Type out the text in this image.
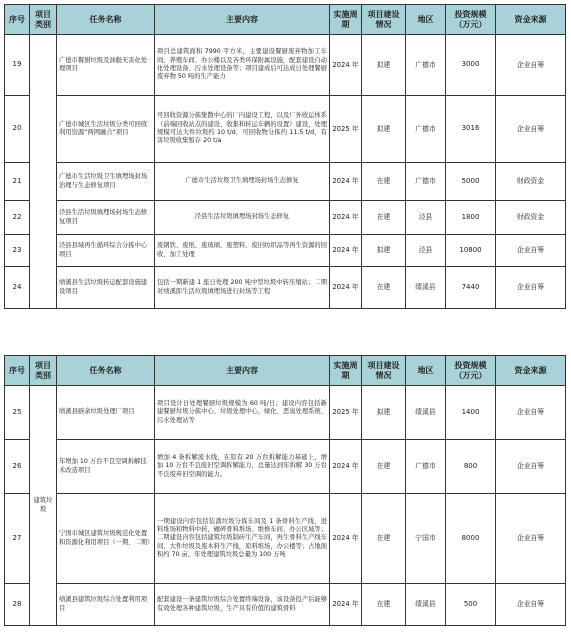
序号	项目类别	任务名称	主要内容	实施周期	项目建设情况	地区	投资规模（万元）	资金来源
19		广德市餐厨垃圾及油脂无害化处理项目	项目总建筑面积 7990 平方米，主要建设餐厨废弃物加工车间、养殖车间、办公楼以及各类环保附属设施，配套建设自动化处理设备、污水处理设备等；项目建成后可达成日处理餐厨废弃物 50 吨的生产能力	2024 年	拟建	广德市	3000	企业自筹
20		广德市城区生活垃圾分类可回收利用资源“两网融合”项目	可回收资源分拣集散中心的厂内建设工程，以及厂外收运体系（前端回收站点的建设、收集和转运车辆的设置）建设，处理规模可达大件垃圾约 10 t/d，可回收物分拣约 11.5 t/d，有害垃圾收集暂存 20 t/a	2025 年	拟建	广德市	3016	企业自筹
21		广德市生活垃圾卫生填埋场封场治理与生态修复项目	广德市生活垃圾卫生填埋场封场生态修复	2024 年	在建	广德市	5000	财政资金
22		泾县生活垃圾填埋场封场生态修复项目	泾县生活垃圾填埋场封场生态修复	2024 年	在建	泾县	1800	财政资金
23		泾县县域再生循环综合分拣中心项目	废钢铁、废纸、废玻璃、废塑料、废旧纺织品等再生资源的回收、加工处理	2024 年	拟建	泾县	10800	企业自筹
24		绩溪县生活垃圾转运配套设施建设项目	包括一期新建 1 座日处理 200 吨中型垃圾中转压缩站；二期对绩溪郎生活垃圾填埋场进行封场等工程	2024 年	在建	绩溪县	7440	企业自筹
序号	项目类别	任务名称	主要内容	实施周期	项目建设情况	地区	投资规模（万元）	资金来源
25	建筑垃圾	绩溪县厨余垃圾处理厂项目	项目设计日处理餐厨垃圾规模为 60 吨/日；建设内容包括新建餐厨垃圾分拣中心、垃圾处理中心、绿化、恶臭处理系统、污水处理站等	2025 年	拟建	绩溪县	1400	企业自筹
26		年增加 10 万台不良空调拆解技术改造项目	增加 4 条拆解流水线，在原有 20 万台拆解能力基础上，增加 10 万台不良废旧空调拆解能力，总量达到年拆解 30 万台不良废弃旧空调的能力。	2024 年	在建	广德市	800	企业自筹
27		宁国市城区建筑垃圾规范化处置和资源化利用项目（一期、二期）	一期建设内容包括装潢垃圾分拣车间及 1 条骨料生产线，进料堆场和物料中转，碾碎骨料堆场、维修车间、办公区域等；二期建设内容包括建筑垃圾制砖生产车间，再生骨料生产线车间，大件垃圾及废木料生产线，原料堆场，办公楼等；占地面积约 70 亩，年处理建筑垃圾总量为 100 万吨	2024 年	在建	宁国市	8000	企业自筹
28		绩溪县建筑垃圾综合处置利用项目	配套建设一条建筑垃圾综合处置终端设备，该设备投产后能够有效处理各种建筑垃圾，生产具有价值的建筑骨料	2024 年	在建	绩溪县	500	企业自筹
